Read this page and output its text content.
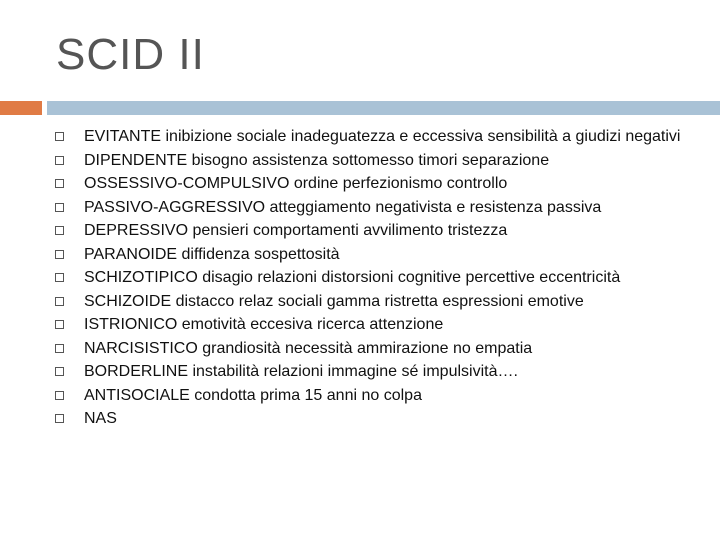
SCID II
EVITANTE inibizione sociale inadeguatezza e eccessiva sensibilità a giudizi negativi
DIPENDENTE bisogno assistenza sottomesso timori separazione
OSSESSIVO-COMPULSIVO ordine perfezionismo controllo
PASSIVO-AGGRESSIVO atteggiamento negativista e resistenza passiva
DEPRESSIVO pensieri comportamenti avvilimento tristezza
PARANOIDE diffidenza sospettosità
SCHIZOTIPICO disagio relazioni distorsioni cognitive percettive eccentricità
SCHIZOIDE distacco relaz sociali gamma ristretta espressioni emotive
ISTRIONICO emotività eccesiva ricerca attenzione
NARCISISTICO grandiosità necessità ammirazione no empatia
BORDERLINE instabilità relazioni immagine sé impulsività….
ANTISOCIALE condotta prima 15 anni no colpa
NAS
